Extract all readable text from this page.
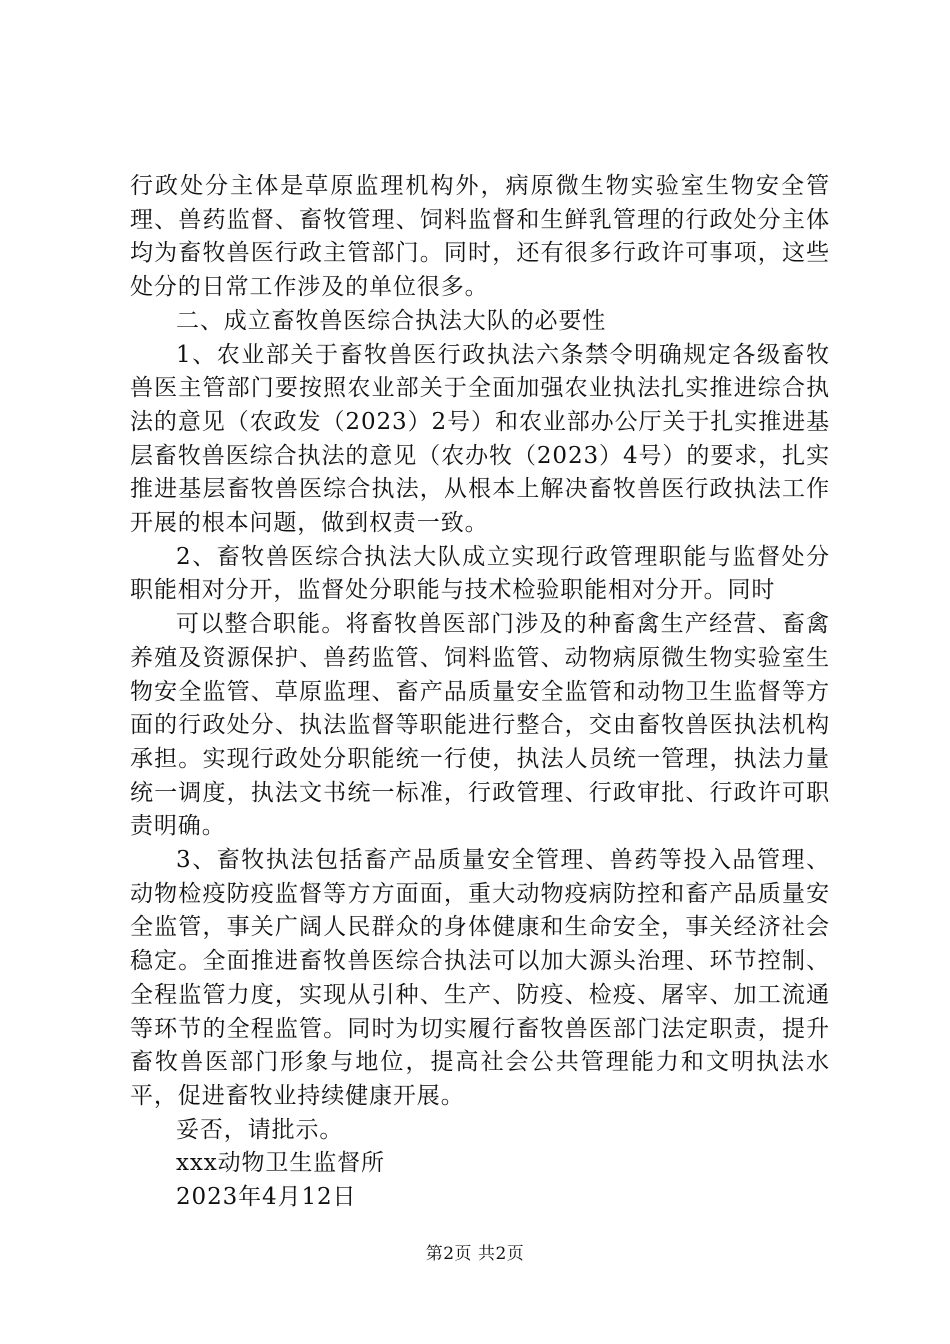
行政处分主体是草原监理机构外，病原微生物实验室生物安全管理、兽药监督、畜牧管理、饲料监督和生鲜乳管理的行政处分主体均为畜牧兽医行政主管部门。同时，还有很多行政许可事项，这些处分的日常工作涉及的单位很多。

二、成立畜牧兽医综合执法大队的必要性

1、农业部关于畜牧兽医行政执法六条禁令明确规定各级畜牧兽医主管部门要按照农业部关于全面加强农业执法扎实推进综合执法的意见（农政发（2023）2号）和农业部办公厅关于扎实推进基层畜牧兽医综合执法的意见（农办牧（2023）4号）的要求，扎实推进基层畜牧兽医综合执法，从根本上解决畜牧兽医行政执法工作开展的根本问题，做到权责一致。

2、畜牧兽医综合执法大队成立实现行政管理职能与监督处分职能相对分开，监督处分职能与技术检验职能相对分开。同时

可以整合职能。将畜牧兽医部门涉及的种畜禽生产经营、畜禽养殖及资源保护、兽药监管、饲料监管、动物病原微生物实验室生物安全监管、草原监理、畜产品质量安全监管和动物卫生监督等方面的行政处分、执法监督等职能进行整合，交由畜牧兽医执法机构承担。实现行政处分职能统一行使，执法人员统一管理，执法力量统一调度，执法文书统一标准，行政管理、行政审批、行政许可职责明确。

3、畜牧执法包括畜产品质量安全管理、兽药等投入品管理、动物检疫防疫监督等方方面面，重大动物疫病防控和畜产品质量安全监管，事关广阔人民群众的身体健康和生命安全，事关经济社会稳定。全面推进畜牧兽医综合执法可以加大源头治理、环节控制、全程监管力度，实现从引种、生产、防疫、检疫、屠宰、加工流通等环节的全程监管。同时为切实履行畜牧兽医部门法定职责，提升畜牧兽医部门形象与地位，提高社会公共管理能力和文明执法水平，促进畜牧业持续健康开展。

妥否，请批示。

xxx动物卫生监督所

2023年4月12日

第2页 共2页
